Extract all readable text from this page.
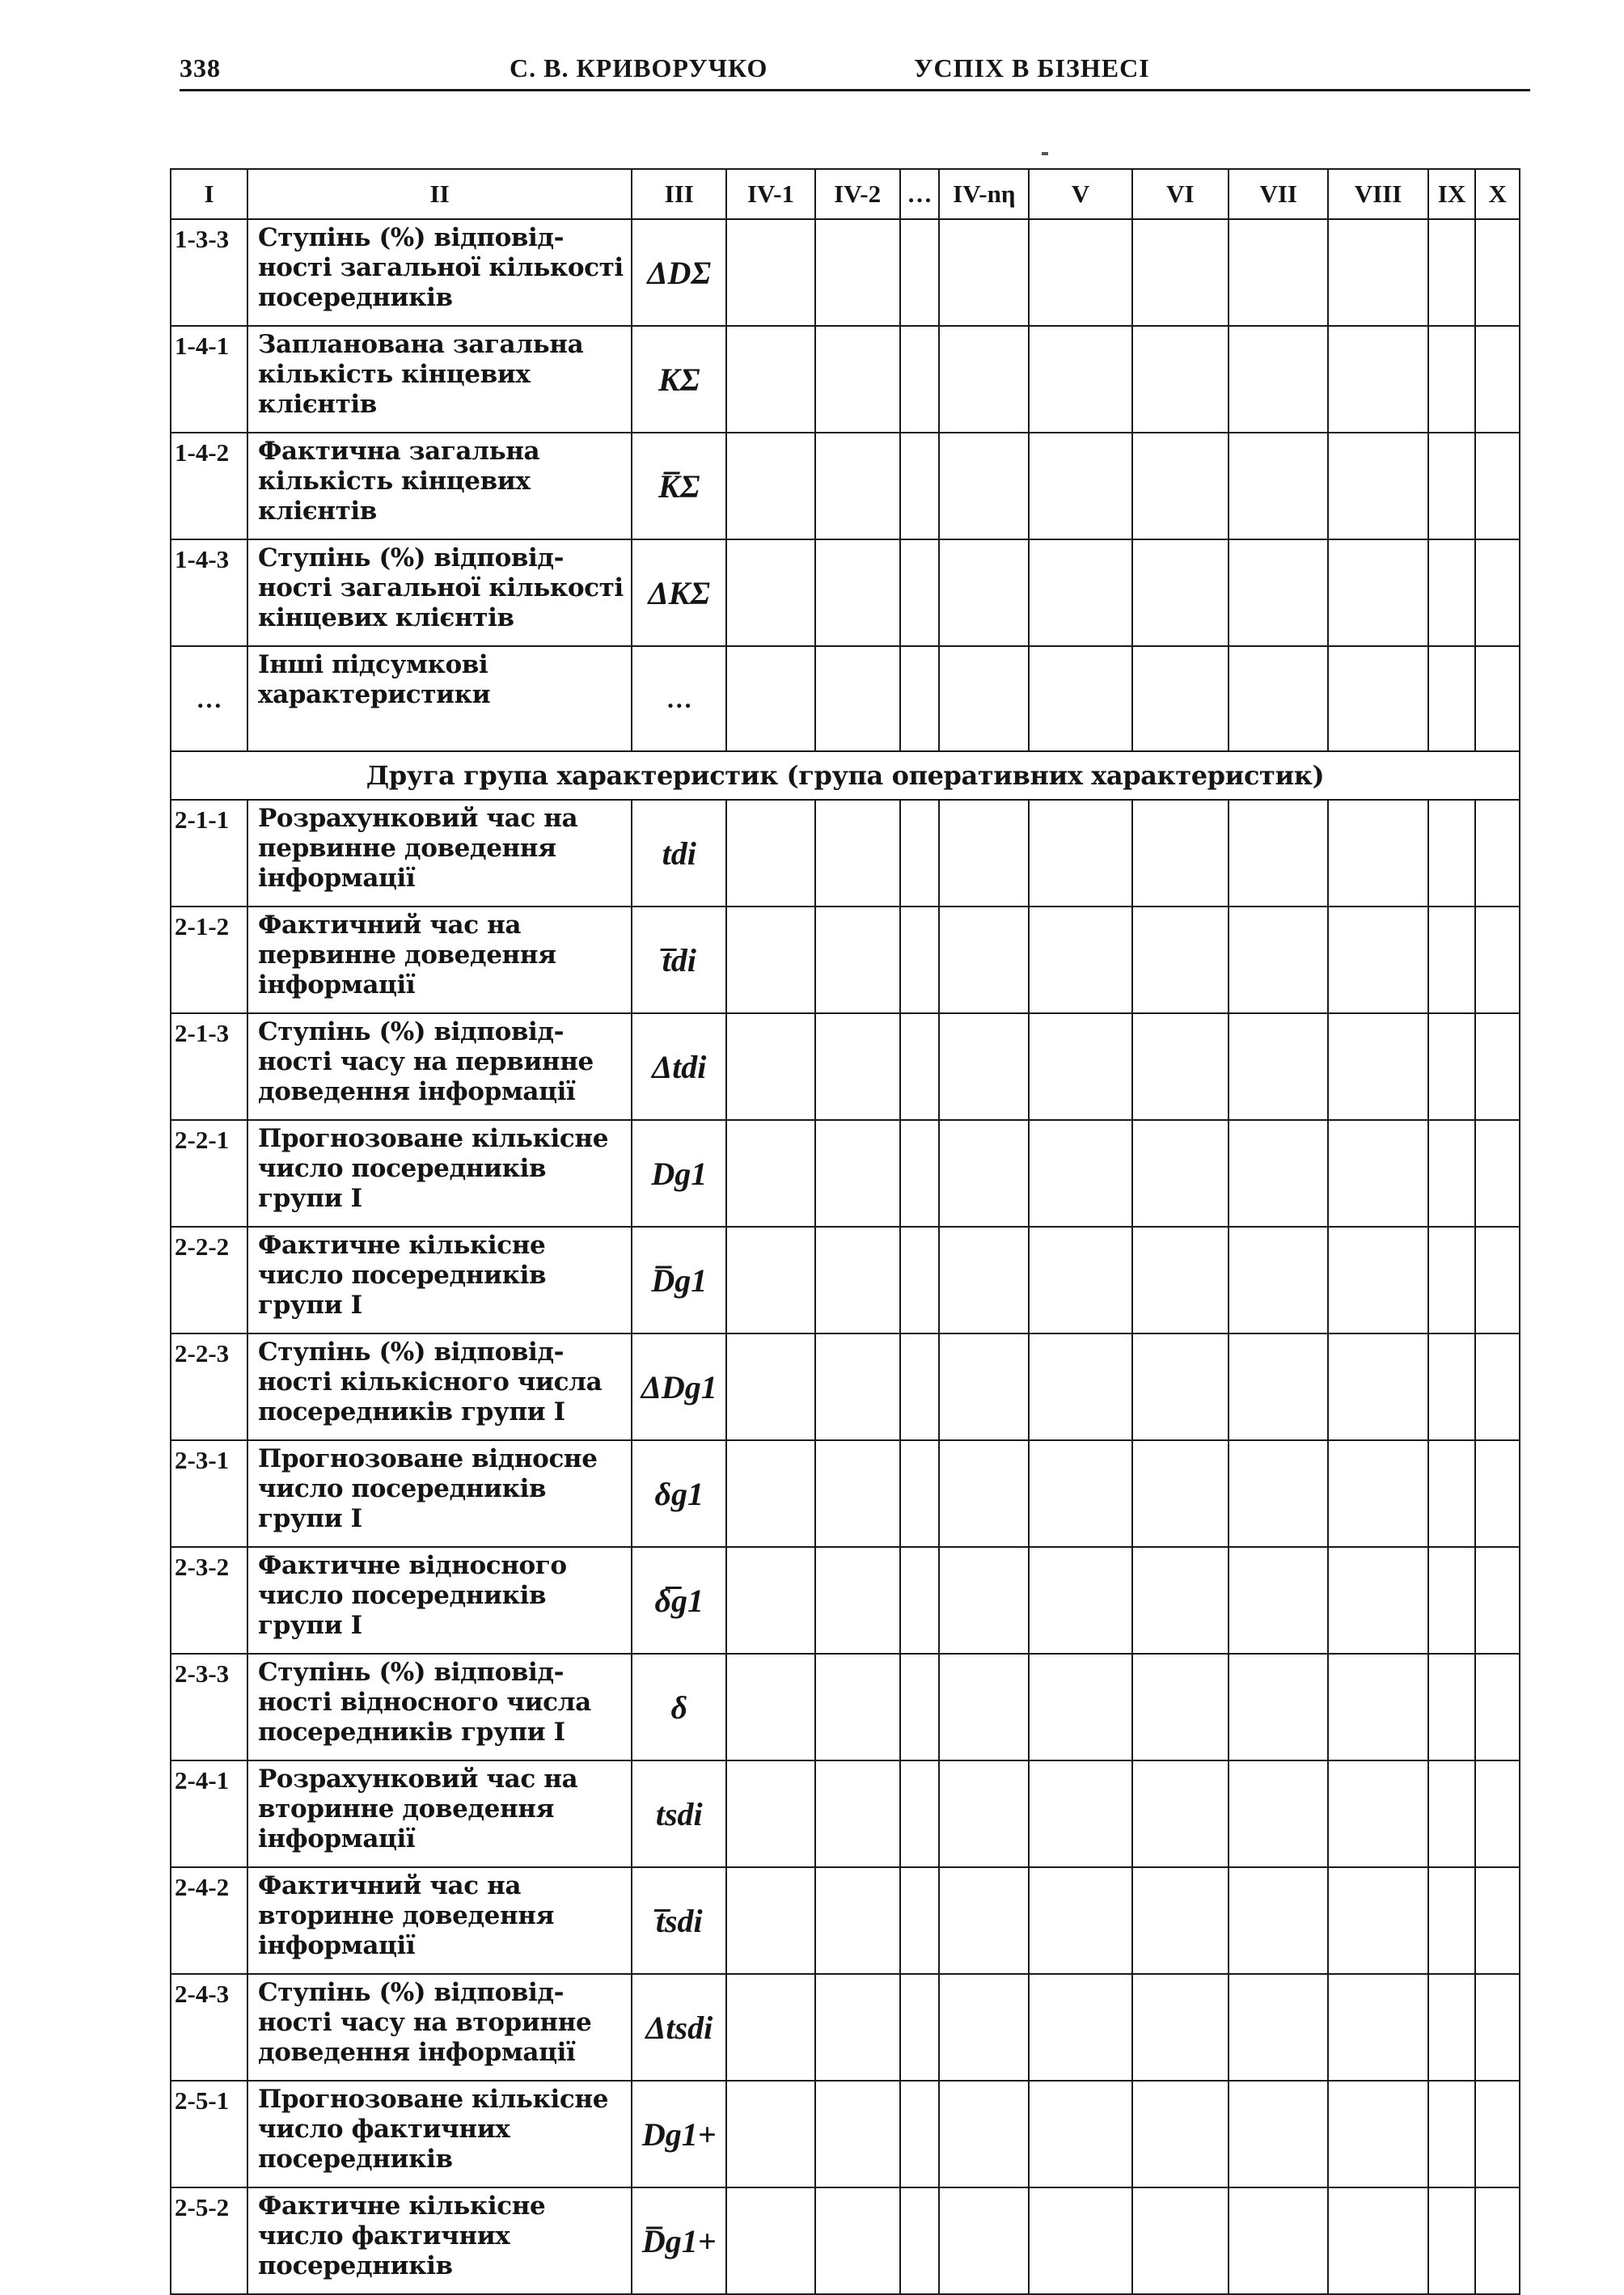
338	С. В. КРИВОРУЧКО	УСПІХ В БІЗНЕСІ
I	II	III	IV-1	IV-2	…	IV-nη	V	VI	VII	VIII	IX	X
1-3-3	Ступінь (%) відповід-ності загальної кількості посередників	ΔDΣ										
1-4-1	Запланована загальна кількість кінцевих клієнтів	KΣ										
1-4-2	Фактична загальна кількість кінцевих клієнтів	K̅Σ										
1-4-3	Ступінь (%) відповід-ності загальної кількості кінцевих клієнтів	ΔKΣ										
…	Інші підсумкові характеристики	…										
Друга група характеристик (група оперативних характеристик)												
2-1-1	Розрахунковий час на первинне доведення інформації	tdi										
2-1-2	Фактичний час на первинне доведення інформації	t̅di										
2-1-3	Ступінь (%) відповід-ності часу на первинне доведення інформації	Δtdi										
2-2-1	Прогнозоване кількісне число посередників групи I	Dg1										
2-2-2	Фактичне кількісне число посередників групи I	D̅g1										
2-2-3	Ступінь (%) відповід-ності кількісного числа посередників групи I	ΔDg1										
2-3-1	Прогнозоване відносне число посередників групи I	δg1										
2-3-2	Фактичне відносного число посередників групи I	δ̅g1										
2-3-3	Ступінь (%) відповід-ності відносного числа посередників групи I	δ										
2-4-1	Розрахунковий час на вторинне доведення інформації	tsdi										
2-4-2	Фактичний час на вторинне доведення інформації	t̅sdi										
2-4-3	Ступінь (%) відповід-ності часу на вторинне доведення інформації	Δtsdi										
2-5-1	Прогнозоване кількісне число фактичних посередників	Dg1+										
2-5-2	Фактичне кількісне число фактичних посередників	D̅g1+										
